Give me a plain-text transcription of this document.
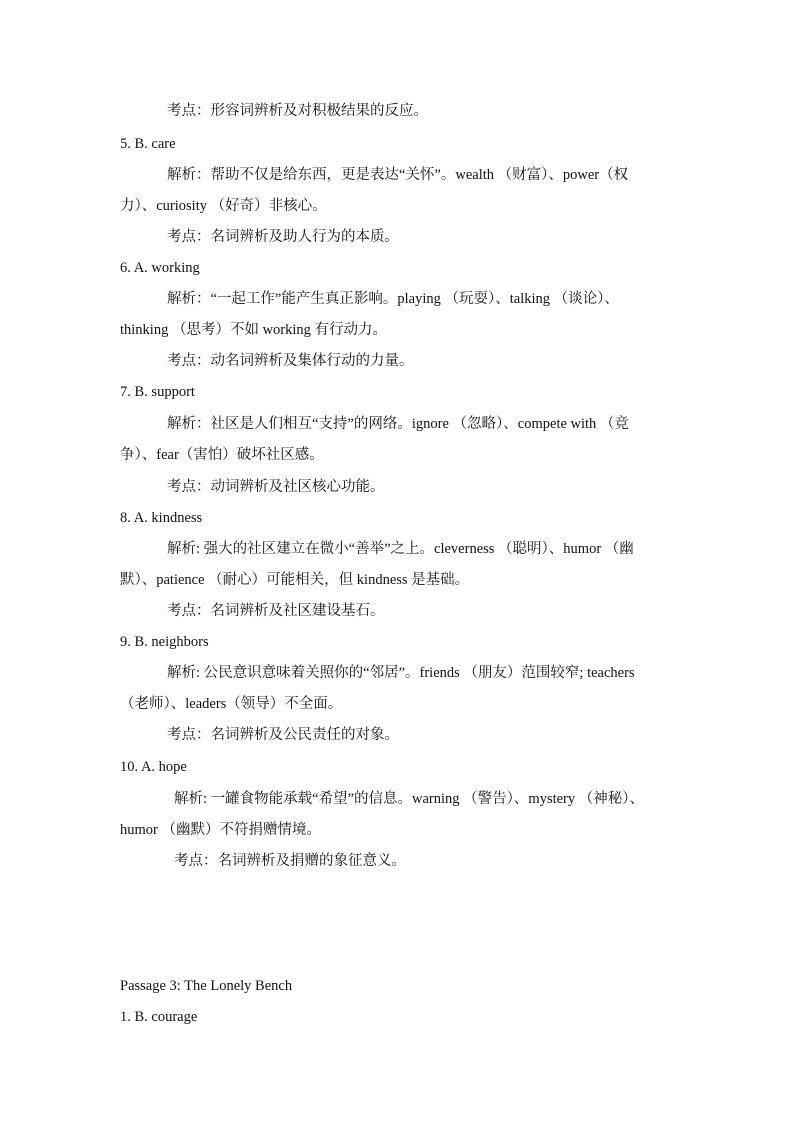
考点：形容词辨析及对积极结果的反应。
5. B. care
解析：帮助不仅是给东西，更是表达“关怀”。wealth （财富）、power（权
力）、curiosity （好奇）非核心。
考点：名词辨析及助人行为的本质。
6. A. working
解析：“一起工作”能产生真正影响。playing （玩耍）、talking （谈论）、
thinking （思考）不如 working 有行动力。
考点：动名词辨析及集体行动的力量。
7. B. support
解析：社区是人们相互“支持”的网络。ignore （忽略）、compete with （竞
争）、fear（害怕）破坏社区感。
考点：动词辨析及社区核心功能。
8. A. kindness
解析: 强大的社区建立在微小“善举”之上。cleverness （聪明）、humor （幽
默）、patience （耐心）可能相关，但 kindness 是基础。
考点：名词辨析及社区建设基石。
9. B. neighbors
解析: 公民意识意味着关照你的“邻居”。friends （朋友）范围较窄; teachers
（老师）、leaders（领导）不全面。
考点：名词辨析及公民责任的对象。
10. A. hope
解析: 一罐食物能承载“希望”的信息。warning （警告）、mystery （神秘）、
humor （幽默）不符捐赠情境。
考点：名词辨析及捐赠的象征意义。
Passage 3: The Lonely Bench
1. B. courage
